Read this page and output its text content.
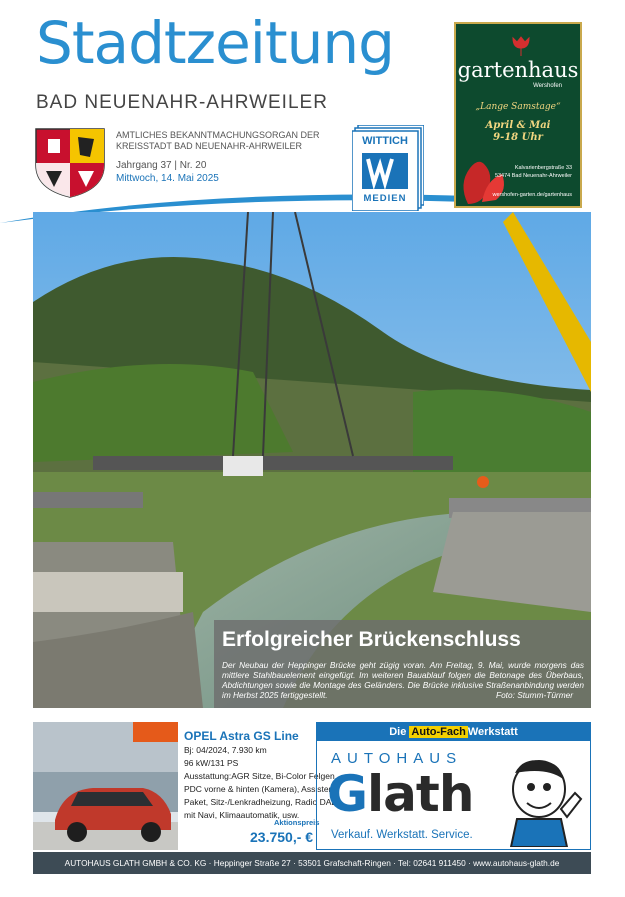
Stadtzeitung
BAD NEUENAHR-AHRWEILER
AMTLICHES BEKANNTMACHUNGSORGAN DER
KREISSTADT BAD NEUENAHR-AHRWEILER
Jahrgang 37 | Nr. 20
Mittwoch, 14. Mai 2025
WITTICH
MEDIEN
gartenhaus
Wershofen
„Lange Samstage“
April & Mai
9-18 Uhr
Kalvarienbergstraße 33
53474 Bad Neuenahr-Ahrweiler
wershofen-garten.de/gartenhaus
Erfolgreicher Brückenschluss
Der Neubau der Heppinger Brücke geht zügig voran. Am Freitag, 9. Mai, wurde morgens das mittlere Stahlbauelement eingefügt. Im weiteren Bauablauf folgen die Betonage des Überbaus, Abdichtungen sowie die Montage des Geländers. Die Brücke inklusive Straßenanbindung werden im Herbst 2025 fertiggestellt.	Foto: Stumm-Türmer
OPEL Astra GS Line
Bj: 04/2024, 7.930 km
96 kW/131 PS
Ausstattung:AGR Sitze, Bi-Color Felgen,
PDC vorne & hinten (Kamera), Assistent-
Paket, Sitz-/Lenkradheizung, Radio DAB+
mit Navi, Klimaautomatik, usw.
Aktionspreis
23.750,- €
Die Auto-Fach Werkstatt
AUTOHAUS
Glath
Verkauf. Werkstatt. Service.
AUTOHAUS GLATH GMBH & CO. KG · Heppinger Straße 27 · 53501 Grafschaft-Ringen · Tel: 02641 911450 · www.autohaus-glath.de
